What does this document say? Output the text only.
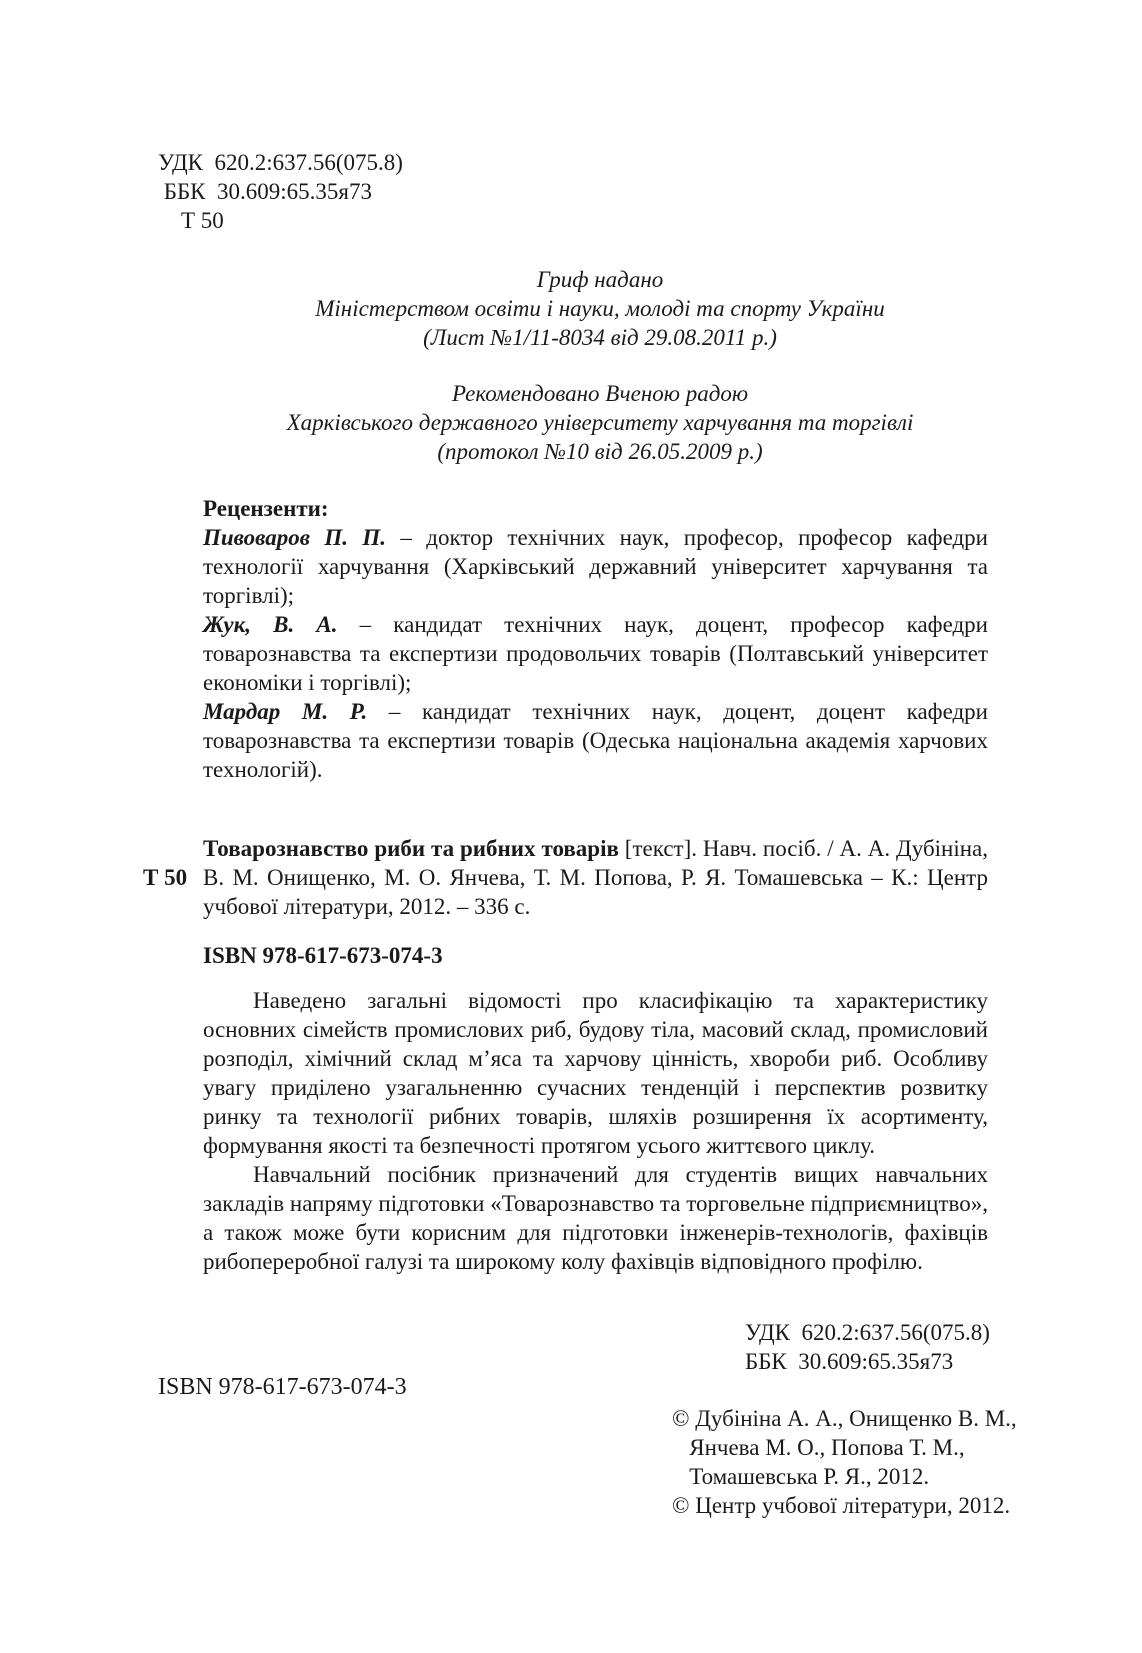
УДК  620.2:637.56(075.8)
ББК  30.609:65.35я73
Т 50
Гриф надано
Міністерством освіти і науки, молоді та спорту України
(Лист №1/11-8034 від 29.08.2011 р.)
Рекомендовано Вченою радою
Харківського державного університету харчування та торгівлі
(протокол №10 від 26.05.2009 р.)

Рецензенти:

Пивоваров П. П. – доктор технічних наук, професор, професор кафедри технології харчування (Харківський державний університет харчування та торгівлі);

Жук, В. А. – кандидат технічних наук, доцент, професор кафедри товарознавства та експертизи продовольчих товарів (Полтавський університет економіки і торгівлі);

Мардар М. Р. – кандидат технічних наук, доцент, доцент кафедри товарознавства та експертизи товарів (Одеська національна академія харчових технологій).

Т 50

Товарознавство риби та рибних товарів [текст]. Навч. посіб. / А. А. Дубініна, В. М. Онищенко, М. О. Янчева, Т. М. Попова, Р. Я. Томашевська – К.: Центр учбової літератури, 2012. – 336 с.

ISBN 978-617-673-074-3

Наведено загальні відомості про класифікацію та характеристику основних сімейств промислових риб, будову тіла, масовий склад, промисловий розподіл, хімічний склад м’яса та харчову цінність, хвороби риб. Особливу увагу приділено узагальненню сучасних тенденцій і перспектив розвитку ринку та технології рибних товарів, шляхів розширення їх асортименту, формування якості та безпечності протягом усього життєвого циклу.

Навчальний посібник призначений для студентів вищих навчальних закладів напряму підготовки «Товарознавство та торговельне підприємництво», а також може бути корисним для підготовки інженерів-технологів, фахівців рибопереробної галузі та широкому колу фахівців відповідного профілю.

УДК  620.2:637.56(075.8)
ББК  30.609:65.35я73
ISBN 978-617-673-074-3
© Дубініна А. А., Онищенко В. М.,
Янчева М. О., Попова Т. М.,
Томашевська Р. Я., 2012.
© Центр учбової літератури, 2012.
